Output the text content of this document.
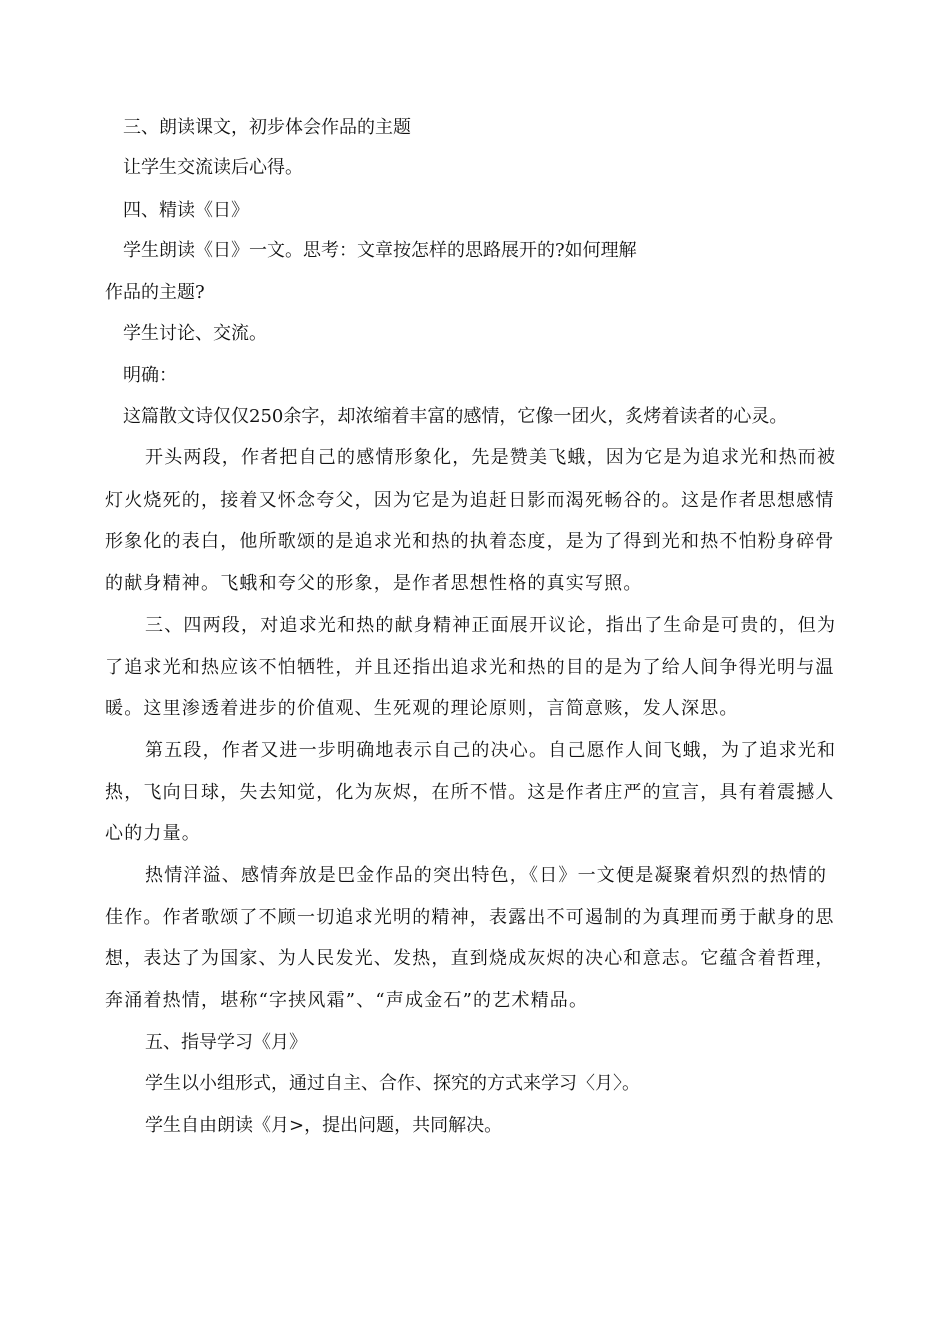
三、朗读课文，初步体会作品的主题
让学生交流读后心得。
四、精读《日》
学生朗读《日》一文。思考：文章按怎样的思路展开的?如何理解
作品的主题?
学生讨论、交流。
明确：
这篇散文诗仅仅250余字，却浓缩着丰富的感情，它像一团火，炙烤着读者的心灵。
开头两段，作者把自己的感情形象化，先是赞美飞蛾，因为它是为追求光和热而被
灯火烧死的，接着又怀念夸父，因为它是为追赶日影而渴死畅谷的。这是作者思想感情
形象化的表白，他所歌颂的是追求光和热的执着态度，是为了得到光和热不怕粉身碎骨
的献身精神。飞蛾和夸父的形象，是作者思想性格的真实写照。
三、四两段，对追求光和热的献身精神正面展开议论，指出了生命是可贵的，但为
了追求光和热应该不怕牺牲，并且还指出追求光和热的目的是为了给人间争得光明与温
暖。这里渗透着进步的价值观、生死观的理论原则，言简意赅，发人深思。
第五段，作者又进一步明确地表示自己的决心。自己愿作人间飞蛾，为了追求光和
热，飞向日球，失去知觉，化为灰烬，在所不惜。这是作者庄严的宣言，具有着震撼人
心的力量。
热情洋溢、感情奔放是巴金作品的突出特色，《日》一文便是凝聚着炽烈的热情的
佳作。作者歌颂了不顾一切追求光明的精神，表露出不可遏制的为真理而勇于献身的思
想，表达了为国家、为人民发光、发热，直到烧成灰烬的决心和意志。它蕴含着哲理，
奔涌着热情，堪称“字挟风霜”、“声成金石”的艺术精品。
五、指导学习《月》
学生以小组形式，通过自主、合作、探究的方式来学习〈月〉。
学生自由朗读《月>，提出问题，共同解决。
